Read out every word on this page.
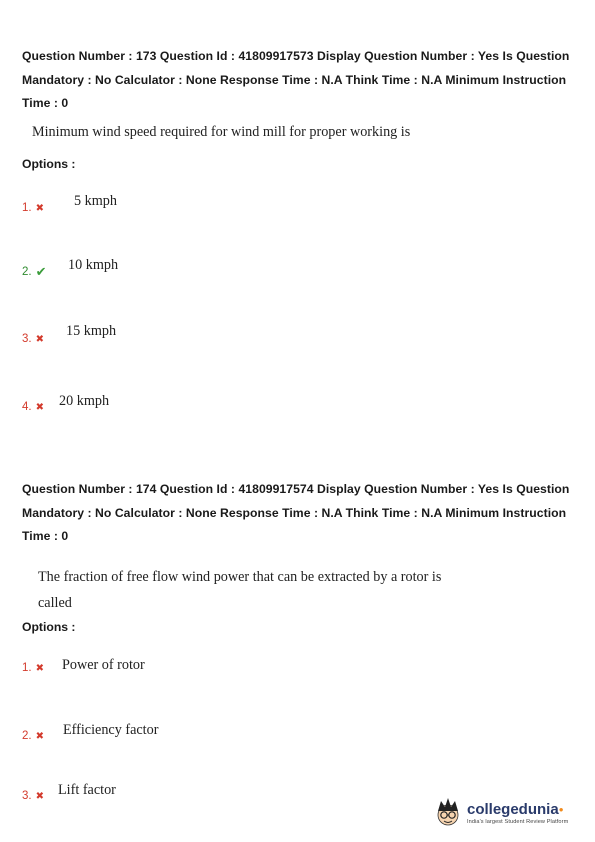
Question Number : 173 Question Id : 41809917573 Display Question Number : Yes Is Question
Mandatory : No Calculator : None Response Time : N.A Think Time : N.A Minimum Instruction
Time : 0
Minimum wind speed required for wind mill for proper working is
Options :
1. ✖ 5 kmph
2. ✔ 10 kmph
3. ✖ 15 kmph
4. ✖ 20 kmph
Question Number : 174 Question Id : 41809917574 Display Question Number : Yes Is Question
Mandatory : No Calculator : None Response Time : N.A Think Time : N.A Minimum Instruction
Time : 0
The fraction of free flow wind power that can be extracted by a rotor is
called
Options :
1. ✖ Power of rotor
2. ✖ Efficiency factor
3. ✖ Lift factor
collegedunia●
India's largest Student Review Platform
